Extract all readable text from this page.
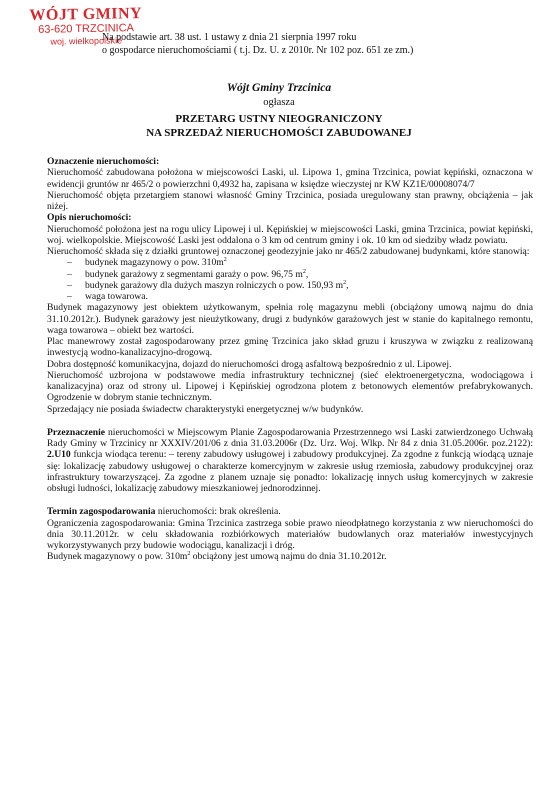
WÓJT GMINY
63-620 TRZCINICA
woj. wielkopolskie
Na podstawie art. 38 ust. 1 ustawy z dnia 21 sierpnia 1997 roku
o gospodarce nieruchomościami ( t.j. Dz. U. z 2010r. Nr 102 poz. 651 ze zm.)
Wójt Gminy Trzcinica
ogłasza
PRZETARG USTNY NIEOGRANICZONY
NA SPRZEDAŻ NIERUCHOMOŚCI ZABUDOWANEJ

Oznaczenie nieruchomości:

Nieruchomość zabudowana położona w miejscowości Laski, ul. Lipowa 1, gmina Trzcinica, powiat kępiński, oznaczona w ewidencji gruntów nr 465/2 o powierzchni 0,4932 ha, zapisana w księdze wieczystej nr KW KZ1E/00008074/7

Nieruchomość objęta przetargiem stanowi własność Gminy Trzcinica, posiada uregulowany stan prawny, obciążenia – jak niżej.

Opis nieruchomości:

Nieruchomość położona jest na rogu ulicy Lipowej i ul. Kępińskiej w miejscowości Laski, gmina Trzcinica, powiat kępiński, woj. wielkopolskie. Miejscowość Laski jest oddalona o 3 km od centrum gminy i ok. 10 km od siedziby władz powiatu.

Nieruchomość składa się z działki gruntowej oznaczonej geodezyjnie jako nr 465/2 zabudowanej budynkami, które stanowią:

– budynek magazynowy o pow. $310m^2$
– budynek garażowy z segmentami garaży o pow. 96,75 $m^2$,
– budynek garażowy dla dużych maszyn rolniczych o pow. 150,93 $m^2$,
– waga towarowa.

Budynek magazynowy jest obiektem użytkowanym, spełnia rolę magazynu mebli (obciążony umową najmu do dnia 31.10.2012r.). Budynek garażowy jest nieużytkowany, drugi z budynków garażowych jest w stanie do kapitalnego remontu, waga towarowa – obiekt bez wartości.

Plac manewrowy został zagospodarowany przez gminę Trzcinica jako skład gruzu i kruszywa w związku z realizowaną inwestycją wodno-kanalizacyjno-drogową.

Dobra dostępność komunikacyjna, dojazd do nieruchomości drogą asfaltową bezpośrednio z ul. Lipowej.

Nieruchomość uzbrojona w podstawowe media infrastruktury technicznej (sieć elektroenergetyczna, wodociągowa i kanalizacyjna) oraz od strony ul. Lipowej i Kępińskiej ogrodzona plotem z betonowych elementów prefabrykowanych. Ogrodzenie w dobrym stanie technicznym.

Sprzedający nie posiada świadectw charakterystyki energetycznej w/w budynków.

Przeznaczenie nieruchomości w Miejscowym Planie Zagospodarowania Przestrzennego wsi Laski zatwierdzonego Uchwałą Rady Gminy w Trzcinicy nr XXXIV/201/06 z dnia 31.03.2006r (Dz. Urz. Woj. Wlkp. Nr 84 z dnia 31.05.2006r. poz.2122): 2.U10 funkcja wiodąca terenu: – tereny zabudowy usługowej i zabudowy produkcyjnej. Za zgodne z funkcją wiodącą uznaje się: lokalizację zabudowy usługowej o charakterze komercyjnym w zakresie usług rzemiosła, zabudowy produkcyjnej oraz infrastruktury towarzyszącej. Za zgodne z planem uznaje się ponadto: lokalizację innych usług komercyjnych w zakresie obsługi ludności, lokalizację zabudowy mieszkaniowej jednorodzinnej.

Termin zagospodarowania nieruchomości: brak określenia.

Ograniczenia zagospodarowania: Gmina Trzcinica zastrzega sobie prawo nieodpłatnego korzystania z ww nieruchomości do dnia 30.11.2012r. w celu składowania rozbiórkowych materiałów budowlanych oraz materiałów inwestycyjnych wykorzystywanych przy budowie wodociągu, kanalizacji i dróg.

Budynek magazynowy o pow. $310m^2$ obciążony jest umową najmu do dnia 31.10.2012r.
